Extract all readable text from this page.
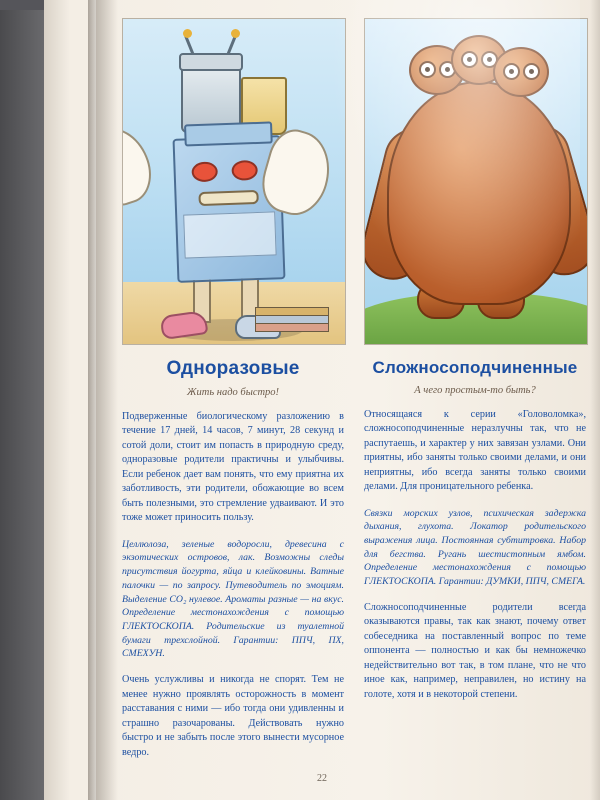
Одноразовые
Жить надо быстро!

Подверженные биологическому разложению в течение 17 дней, 14 часов, 7 минут, 28 секунд и сотой доли, стоит им попасть в природную среду, одноразовые родители практичны и улыбчивы. Если ребенок дает вам понять, что ему приятна их заботливость, эти родители, обожающие во всем быть полезными, это стремление удваивают. И это тоже может приносить пользу.

Целлюлоза, зеленые водоросли, древесина с экзотических островов, лак. Возможны следы присутствия йогурта, яйца и клейковины. Ватные палочки — по запросу. Путеводитель по эмоциям. Выделение СО₂ нулевое. Ароматы разные — на вкус. Определение местонахождения с помощью ГЛЕКТОСКОПА. Родительские из туалетной бумаги трехслойной. Гарантии: ППЧ, ПХ, СМЕХУН.

Очень услужливы и никогда не спорят. Тем не менее нужно проявлять осторожность в момент расставания с ними — ибо тогда они удивленны и страшно разочарованы. Действовать нужно быстро и не забыть после этого вынести мусорное ведро.

Сложносоподчиненные
А чего простым-то быть?

Относящаяся к серии «Головоломка», сложносоподчиненные неразлучны так, что не распутаешь, и характер у них завязан узлами. Они приятны, ибо заняты только своими делами, и они неприятны, ибо всегда заняты только своими делами. Для проницательного ребенка.

Связки морских узлов, психическая задержка дыхания, глухота. Локатор родительского выражения лица. Постоянная субтитровка. Набор для бегства. Ругань шестистопным ямбом. Определение местонахождения с помощью ГЛЕКТОСКОПА. Гарантии: ДУМКИ, ППЧ, СМЕГА.

Сложносоподчиненные родители всегда оказываются правы, так как знают, почему ответ собеседника на поставленный вопрос по теме оппонента — полностью и как бы немножечко недействительно вот так, в том плане, что не что иное как, например, неправилен, но истину на голоте, хотя и в некоторой степени.

22
